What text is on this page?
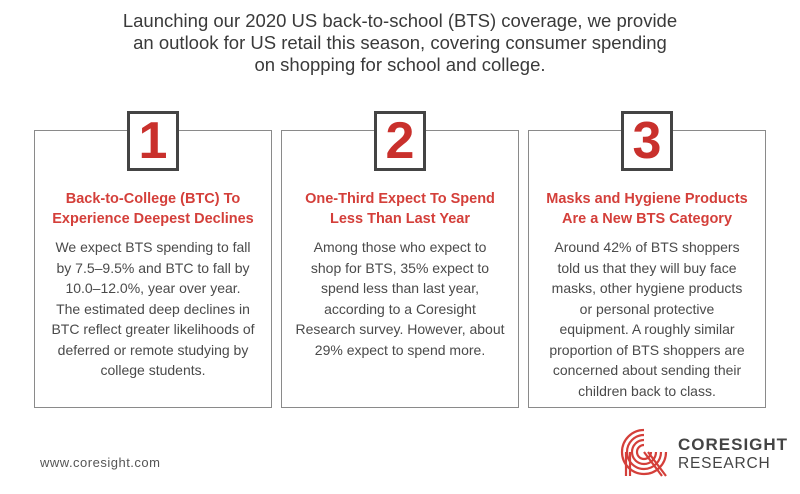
Launching our 2020 US back-to-school (BTS) coverage, we provide
an outlook for US retail this season, covering consumer spending
on shopping for school and college.
Back-to-College (BTC) To
Experience Deepest Declines
We expect BTS spending to fall
by 7.5–9.5% and BTC to fall by
10.0–12.0%, year over year.
The estimated deep declines in
BTC reflect greater likelihoods of
deferred or remote studying by
college students.
1
One-Third Expect To Spend
Less Than Last Year
Among those who expect to
shop for BTS, 35% expect to
spend less than last year,
according to a Coresight
Research survey. However, about
29% expect to spend more.
2
Masks and Hygiene Products
Are a New BTS Category
Around 42% of BTS shoppers
told us that they will buy face
masks, other hygiene products
or personal protective
equipment. A roughly similar
proportion of BTS shoppers are
concerned about sending their
children back to class.
3
www.coresight.com
CORESIGHT
RESEARCH
